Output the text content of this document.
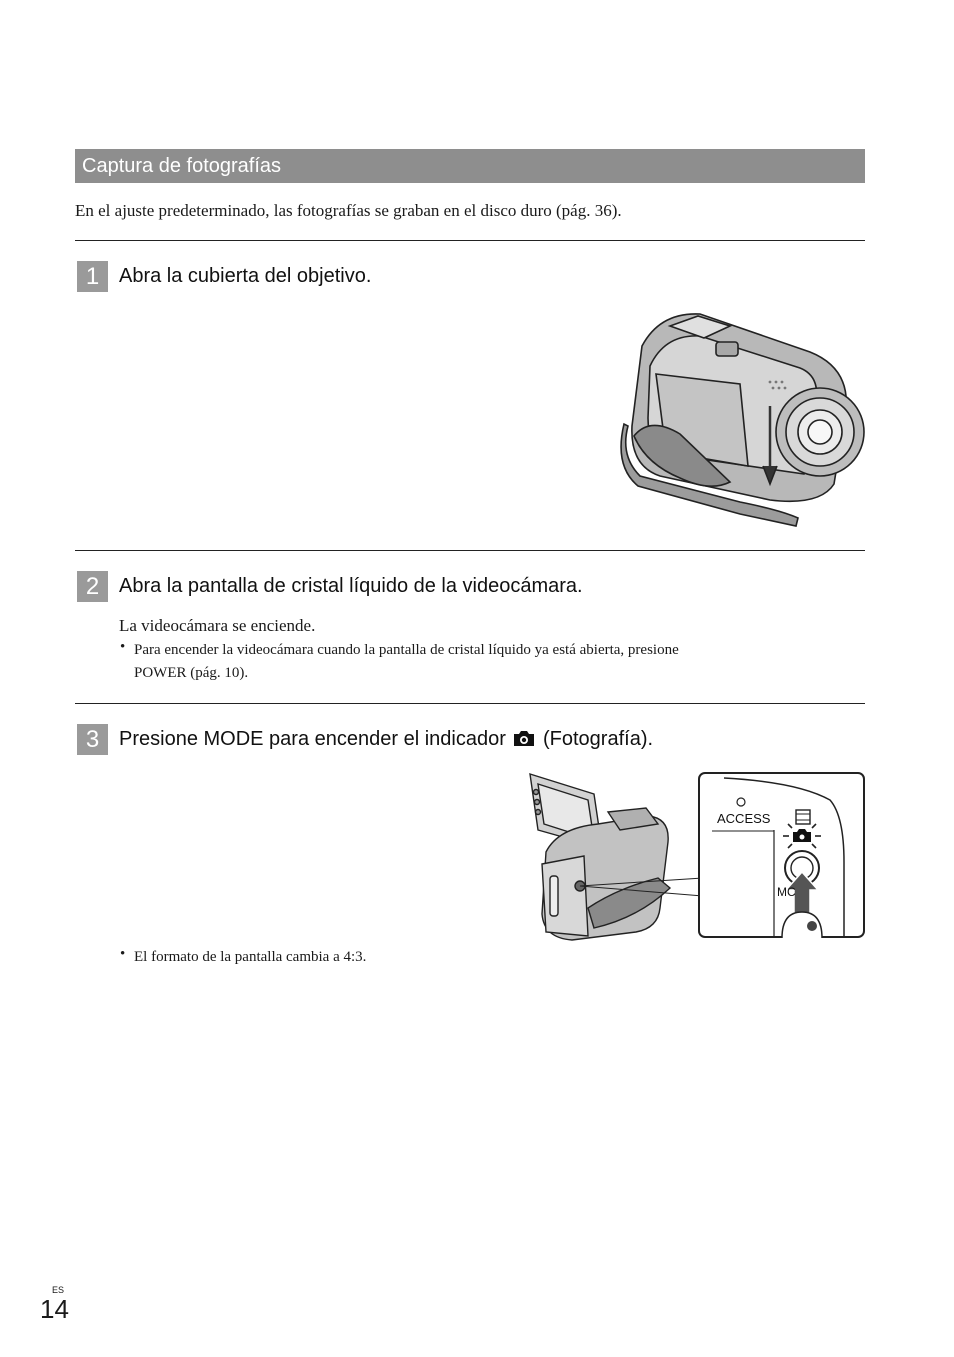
Captura de fotografías
En el ajuste predeterminado, las fotografías se graban en el disco duro (pág. 36).
1 Abra la cubierta del objetivo.
2 Abra la pantalla de cristal líquido de la videocámara.
La videocámara se enciende.
• Para encender la videocámara cuando la pantalla de cristal líquido ya está abierta, presione
POWER (pág. 10).
3 Presione MODE para encender el indicador (Fotografía).
ACCESS
MC
• El formato de la pantalla cambia a 4:3.
ES
14
